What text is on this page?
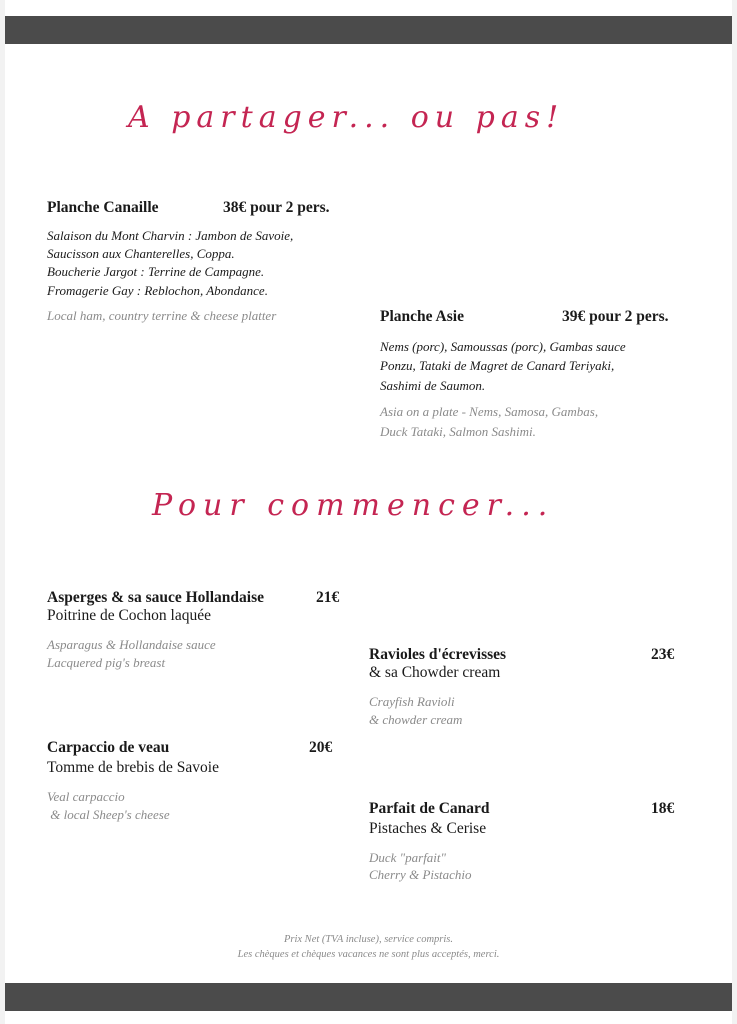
A partager... ou pas!
Planche Canaille	38€ pour 2 pers.
Salaison du Mont Charvin : Jambon de Savoie,
Saucisson aux Chanterelles, Coppa.
Boucherie Jargot : Terrine de Campagne.
Fromagerie Gay : Reblochon, Abondance.
Local ham, country terrine & cheese platter	Planche Asie	39€ pour 2 pers.
Nems (porc), Samoussas (porc), Gambas sauce
Ponzu, Tataki de Magret de Canard Teriyaki,
Sashimi de Saumon.
Asia on a plate - Nems, Samosa, Gambas,
Duck Tataki, Salmon Sashimi.
Pour commencer...
Asperges & sa sauce Hollandaise	21€
Poitrine de Cochon laquée
Asparagus & Hollandaise sauce
Lacquered pig's breast	Ravioles d'écrevisses	23€
& sa Chowder cream
Crayfish Ravioli
& chowder cream
Carpaccio de veau	20€
Tomme de brebis de Savoie
Veal carpaccio
& local Sheep's cheese	Parfait de Canard	18€
Pistaches & Cerise
Duck "parfait"
Cherry & Pistachio
Prix Net (TVA incluse), service compris.
Les chèques et chèques vacances ne sont plus acceptés, merci.
